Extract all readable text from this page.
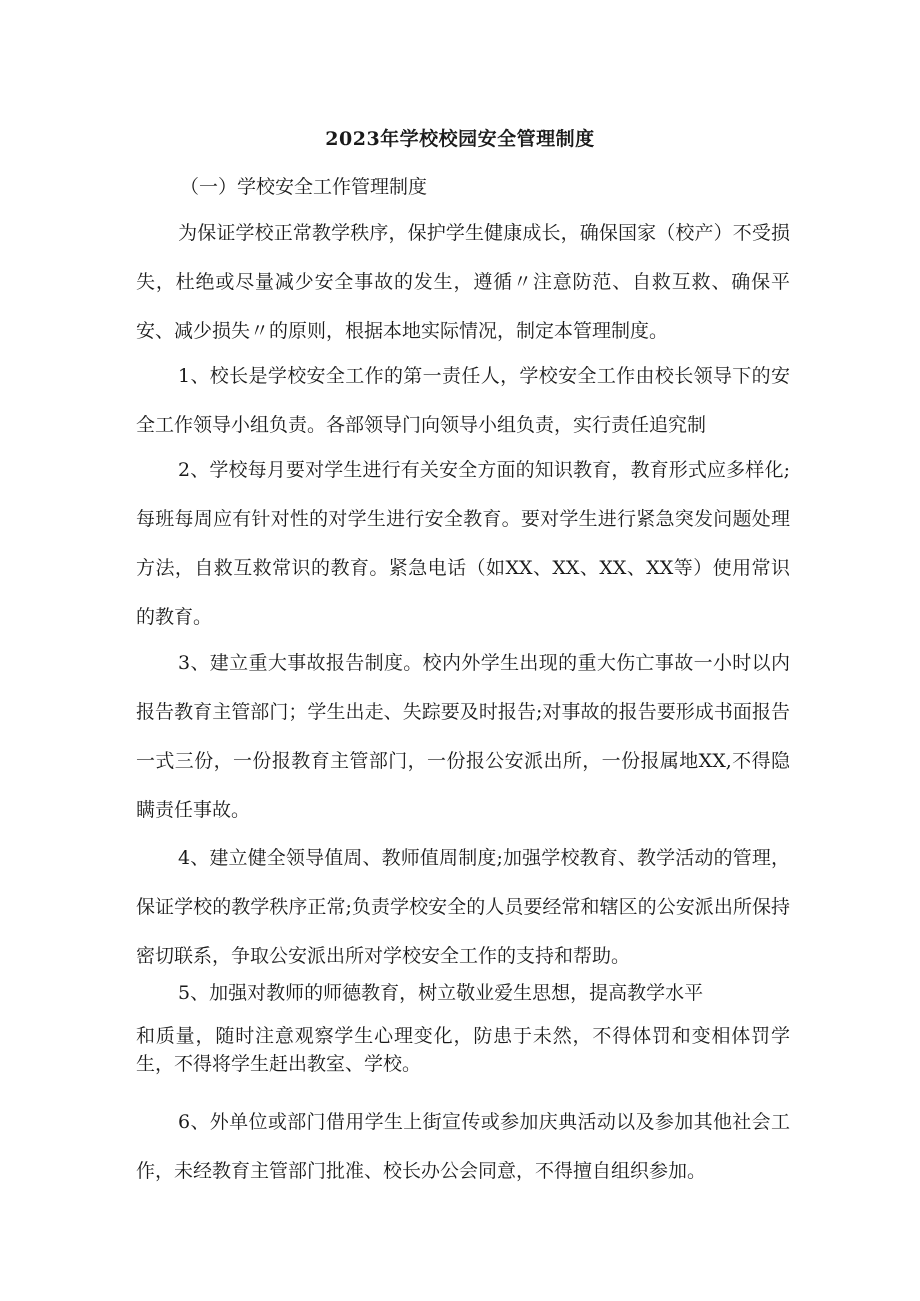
2023年学校校园安全管理制度
（一）学校安全工作管理制度

为保证学校正常教学秩序，保护学生健康成长，确保国家（校产）不受损失，杜绝或尽量减少安全事故的发生，遵循〃注意防范、自救互救、确保平安、减少损失〃的原则，根据本地实际情况，制定本管理制度。

1、校长是学校安全工作的第一责任人，学校安全工作由校长领导下的安全工作领导小组负责。各部领导门向领导小组负责，实行责任追究制

2、学校每月要对学生进行有关安全方面的知识教育，教育形式应多样化;每班每周应有针对性的对学生进行安全教育。要对学生进行紧急突发问题处理方法，自救互救常识的教育。紧急电话（如XX、XX、XX、XX等）使用常识的教育。

3、建立重大事故报告制度。校内外学生出现的重大伤亡事故一小时以内报告教育主管部门；学生出走、失踪要及时报告;对事故的报告要形成书面报告一式三份，一份报教育主管部门，一份报公安派出所，一份报属地XX,不得隐瞒责任事故。

4、建立健全领导值周、教师值周制度;加强学校教育、教学活动的管理，保证学校的教学秩序正常;负责学校安全的人员要经常和辖区的公安派出所保持密切联系，争取公安派出所对学校安全工作的支持和帮助。

5、加强对教师的师德教育，树立敬业爱生思想，提高教学水平

和质量，随时注意观察学生心理变化，防患于未然，不得体罚和变相体罚学生，不得将学生赶出教室、学校。

6、外单位或部门借用学生上街宣传或参加庆典活动以及参加其他社会工作，未经教育主管部门批准、校长办公会同意，不得擅自组织参加。
